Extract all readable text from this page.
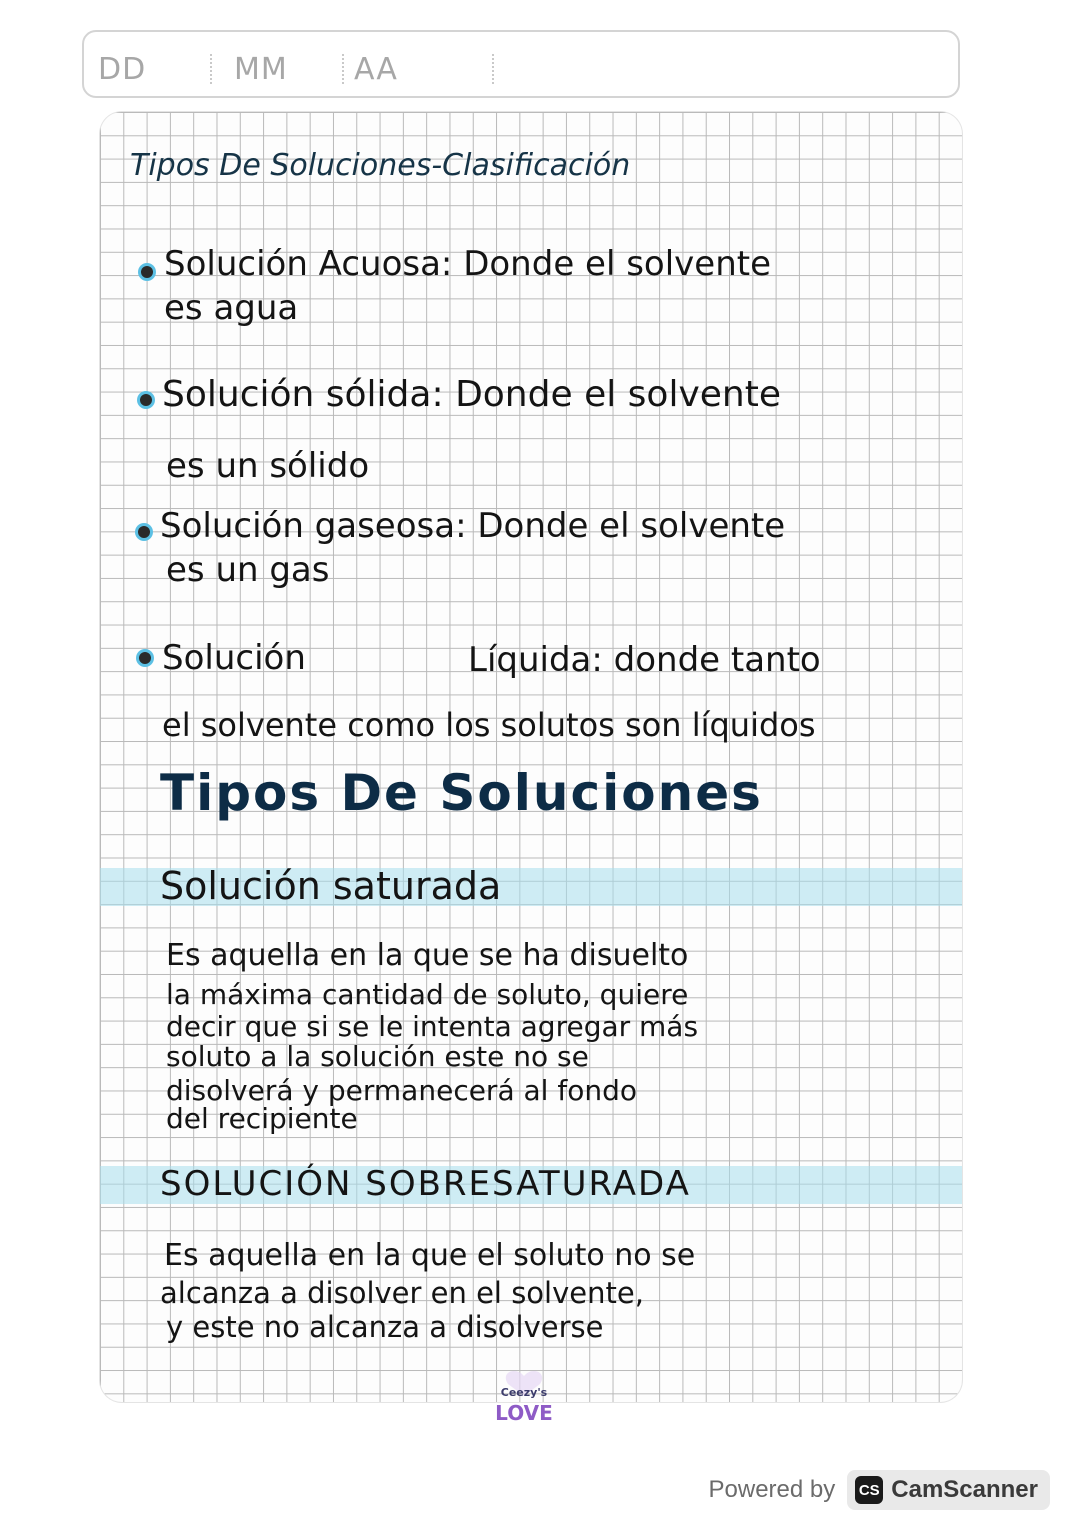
DD	MM AA
Tipos De Soluciones-Clasificación

Solución Acuosa: Donde el solvente

es agua

Solución sólida: Donde el solvente

es un sólido

Solución gaseosa: Donde el solvente

es un gas

Solución	Líquida: donde tanto

el solvente como los solutos son líquidos

Tipos De Soluciones

Solución saturada

Es aquella en la que se ha disuelto

la máxima cantidad de soluto, quiere

decir que si se le intenta agregar más

soluto a la solución este no se

disolverá y permanecerá al fondo

del recipiente

SOLUCIÓN SOBRESATURADA

Es aquella en la que el soluto no se

alcanza a disolver en el solvente,

y este no alcanza a disolverse

Ceezy's
LOVE
Powered by CS CamScanner
